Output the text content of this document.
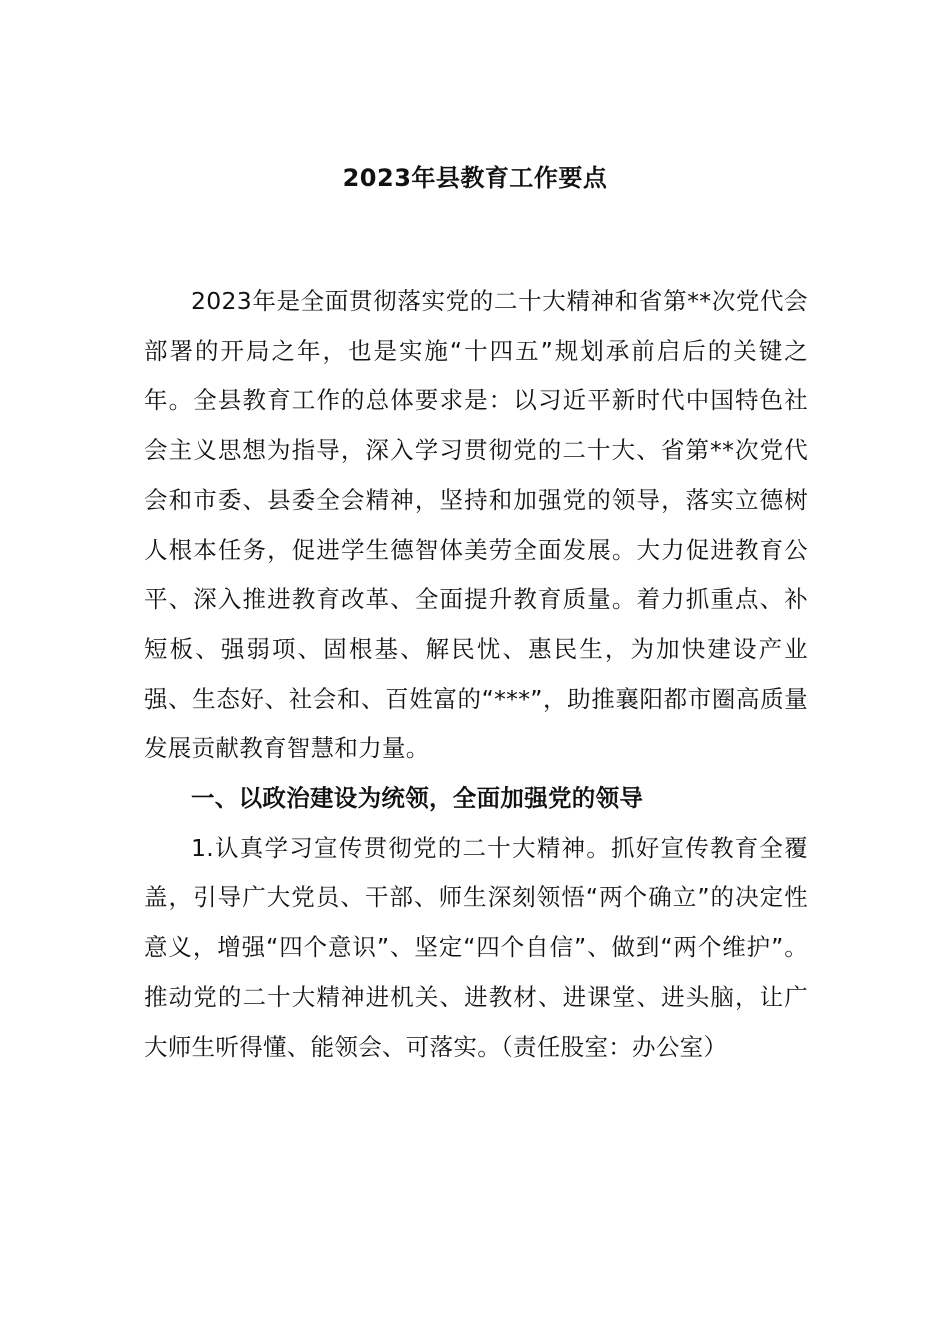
2023年县教育工作要点

2023年是全面贯彻落实党的二十大精神和省第**次党代会部署的开局之年，也是实施“十四五”规划承前启后的关键之年。全县教育工作的总体要求是：以习近平新时代中国特色社会主义思想为指导，深入学习贯彻党的二十大、省第**次党代会和市委、县委全会精神，坚持和加强党的领导，落实立德树人根本任务，促进学生德智体美劳全面发展。大力促进教育公平、深入推进教育改革、全面提升教育质量。着力抓重点、补短板、强弱项、固根基、解民忧、惠民生，为加快建设产业强、生态好、社会和、百姓富的“***”，助推襄阳都市圈高质量发展贡献教育智慧和力量。

一、以政治建设为统领，全面加强党的领导

1.认真学习宣传贯彻党的二十大精神。抓好宣传教育全覆盖，引导广大党员、干部、师生深刻领悟“两个确立”的决定性意义，增强“四个意识”、坚定“四个自信”、做到“两个维护”。推动党的二十大精神进机关、进教材、进课堂、进头脑，让广大师生听得懂、能领会、可落实。（责任股室：办公室）
